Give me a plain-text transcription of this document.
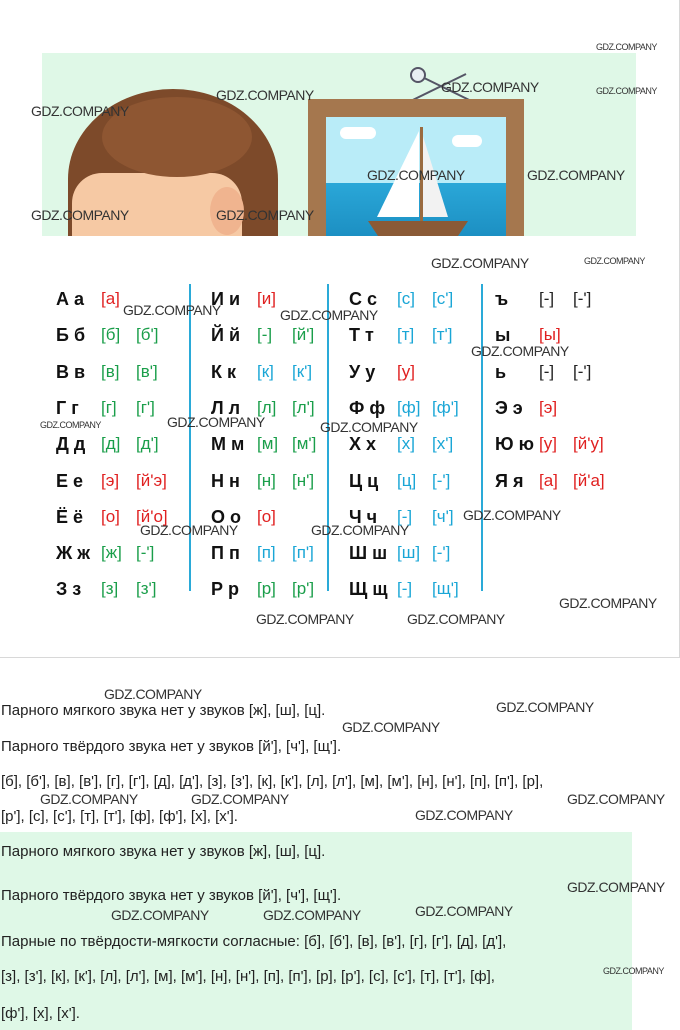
А а [а]
Б б [б] [б']
В в [в] [в']
Г г [г] [г']
Д д [д] [д']
Е е [э] [й'э]
Ё ё [о] [й'о]
Ж ж [ж] [-']
З з [з] [з']
И и [и]
Й й [-] [й']
К к [к] [к']
Л л [л] [л']
М м [м] [м']
Н н [н] [н']
О о [о]
П п [п] [п']
Р р [р] [р']
С с [с] [с']
Т т [т] [т']
У у [у]
Ф ф [ф] [ф']
Х х [х] [х']
Ц ц [ц] [-']
Ч ч [-] [ч']
Ш ш [ш] [-']
Щ щ [-] [щ']
ъ [-] [-']
ы [ы]
ь [-] [-']
Э э [э]
Ю ю [у] [й'у]
Я я [а] [й'а]
Парного мягкого звука нет у звуков [ж], [ш], [ц].
Парного твёрдого звука нет у звуков [й'], [ч'], [щ'].
[б], [б'], [в], [в'], [г], [г'], [д], [д'], [з], [з'], [к], [к'], [л], [л'], [м], [м'], [н], [н'], [п], [п'], [р],
[р'], [с], [с'], [т], [т'], [ф], [ф'], [х], [х'].
Парного мягкого звука нет у звуков [ж], [ш], [ц].
Парного твёрдого звука нет у звуков [й'], [ч'], [щ'].
Парные по твёрдости-мягкости согласные: [б], [б'], [в], [в'], [г], [г'], [д], [д'],
[з], [з'], [к], [к'], [л], [л'], [м], [м'], [н], [н'], [п], [п'], [р], [р'], [с], [с'], [т], [т'], [ф],
[ф'], [х], [х'].
GDZ.COMPANY
GDZ.COMPANY
GDZ.COMPANY
GDZ.COMPANY	GDZ.COMPANY
GDZ.COMPANY	GDZ.COMPANY
GDZ.COMPANY	GDZ.COMPANY
GDZ.COMPANY	GDZ.COMPANY
GDZ.COMPANY	GDZ.COMPANY
GDZ.COMPANY
GDZ.COMPANY	GDZ.COMPANY	GDZ.COMPANY
GDZ.COMPANY
GDZ.COMPANY	GDZ.COMPANY
GDZ.COMPANY
GDZ.COMPANY	GDZ.COMPANY
GDZ.COMPANY
GDZ.COMPANY
GDZ.COMPANY
GDZ.COMPANY	GDZ.COMPANY	GDZ.COMPANY
GDZ.COMPANY
GDZ.COMPANY
GDZ.COMPANY
GDZ.COMPANY	GDZ.COMPANY
GDZ.COMPANY
